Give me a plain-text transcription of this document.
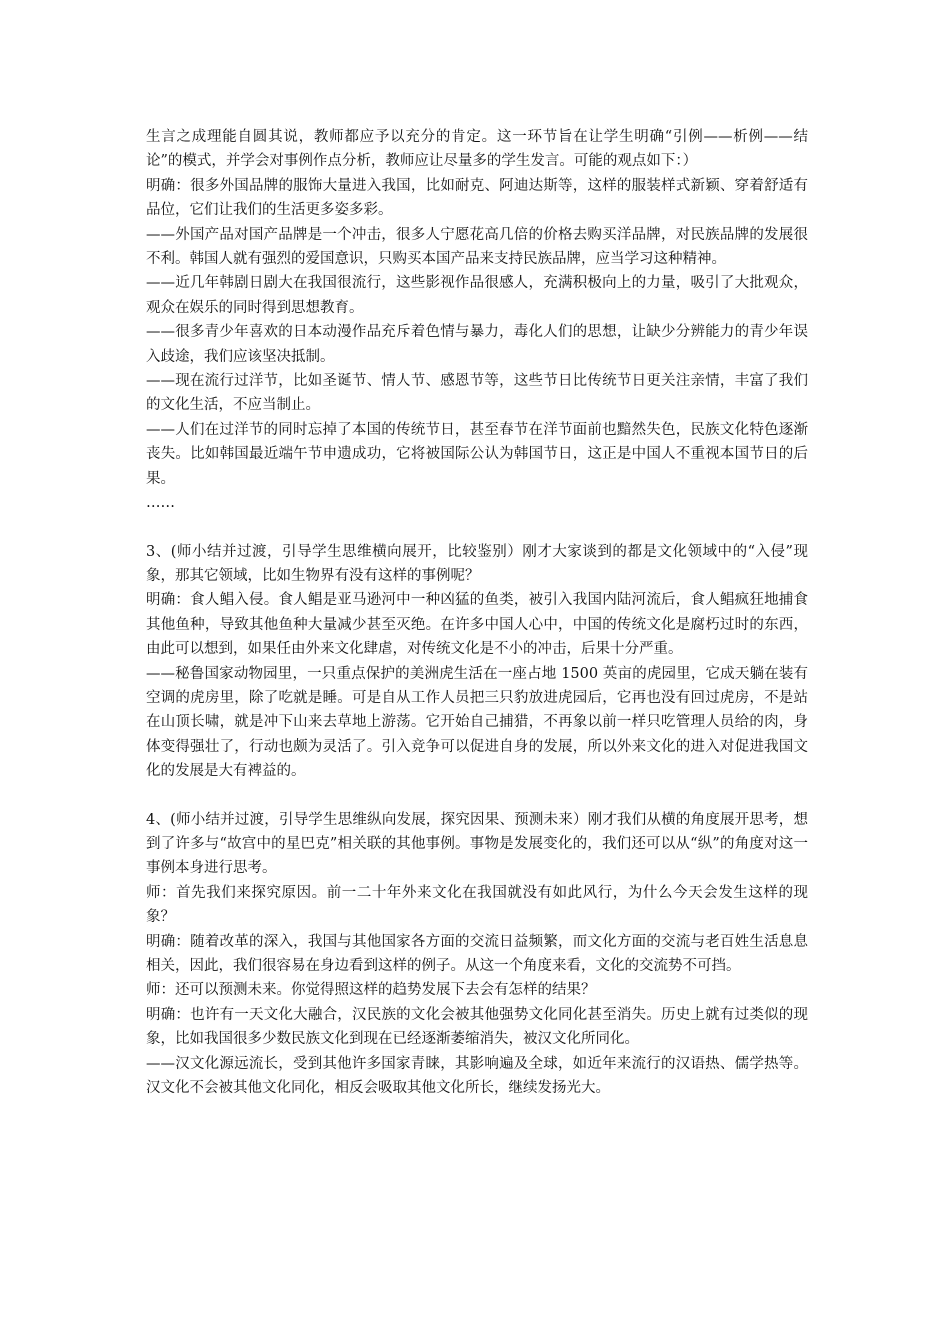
生言之成理能自圆其说，教师都应予以充分的肯定。这一环节旨在让学生明确“引例——析例——结论”的模式，并学会对事例作点分析，教师应让尽量多的学生发言。可能的观点如下：）

明确：很多外国品牌的服饰大量进入我国，比如耐克、阿迪达斯等，这样的服装样式新颖、穿着舒适有品位，它们让我们的生活更多姿多彩。

——外国产品对国产品牌是一个冲击，很多人宁愿花高几倍的价格去购买洋品牌，对民族品牌的发展很不利。韩国人就有强烈的爱国意识，只购买本国产品来支持民族品牌，应当学习这种精神。

——近几年韩剧日剧大在我国很流行，这些影视作品很感人，充满积极向上的力量，吸引了大批观众，观众在娱乐的同时得到思想教育。

——很多青少年喜欢的日本动漫作品充斥着色情与暴力，毒化人们的思想，让缺少分辨能力的青少年误入歧途，我们应该坚决抵制。

——现在流行过洋节，比如圣诞节、情人节、感恩节等，这些节日比传统节日更关注亲情，丰富了我们的文化生活，不应当制止。

——人们在过洋节的同时忘掉了本国的传统节日，甚至春节在洋节面前也黯然失色，民族文化特色逐渐丧失。比如韩国最近端午节申遗成功，它将被国际公认为韩国节日，这正是中国人不重视本国节日的后果。

……

3、(师小结并过渡，引导学生思维横向展开，比较鉴别）刚才大家谈到的都是文化领域中的“入侵”现象，那其它领域，比如生物界有没有这样的事例呢？

明确：食人鲳入侵。食人鲳是亚马逊河中一种凶猛的鱼类，被引入我国内陆河流后，食人鲳疯狂地捕食其他鱼种，导致其他鱼种大量减少甚至灭绝。在许多中国人心中，中国的传统文化是腐朽过时的东西，由此可以想到，如果任由外来文化肆虐，对传统文化是不小的冲击，后果十分严重。

——秘鲁国家动物园里，一只重点保护的美洲虎生活在一座占地 1500 英亩的虎园里，它成天躺在装有空调的虎房里，除了吃就是睡。可是自从工作人员把三只豹放进虎园后，它再也没有回过虎房，不是站在山顶长啸，就是冲下山来去草地上游荡。它开始自己捕猎，不再象以前一样只吃管理人员给的肉，身体变得强壮了，行动也颇为灵活了。引入竞争可以促进自身的发展，所以外来文化的进入对促进我国文化的发展是大有裨益的。

4、(师小结并过渡，引导学生思维纵向发展，探究因果、预测未来）刚才我们从横的角度展开思考，想到了许多与“故宫中的星巴克”相关联的其他事例。事物是发展变化的，我们还可以从“纵”的角度对这一事例本身进行思考。

师：首先我们来探究原因。前一二十年外来文化在我国就没有如此风行，为什么今天会发生这样的现象？

明确：随着改革的深入，我国与其他国家各方面的交流日益频繁，而文化方面的交流与老百姓生活息息相关，因此，我们很容易在身边看到这样的例子。从这一个角度来看，文化的交流势不可挡。

师：还可以预测未来。你觉得照这样的趋势发展下去会有怎样的结果？

明确：也许有一天文化大融合，汉民族的文化会被其他强势文化同化甚至消失。历史上就有过类似的现象，比如我国很多少数民族文化到现在已经逐渐萎缩消失，被汉文化所同化。

——汉文化源远流长，受到其他许多国家青睐，其影响遍及全球，如近年来流行的汉语热、儒学热等。汉文化不会被其他文化同化，相反会吸取其他文化所长，继续发扬光大。
